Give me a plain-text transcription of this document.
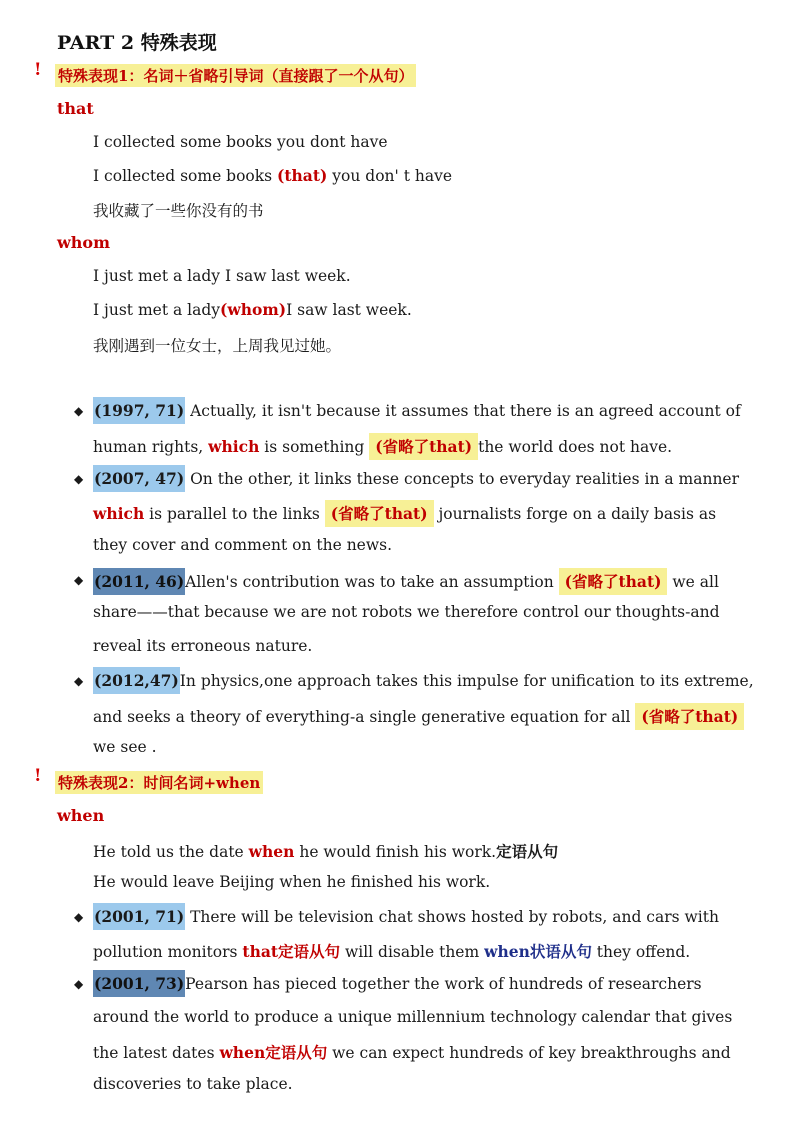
PART 2 特殊表现
! 特殊表现1：名词＋省略引导词（直接跟了一个从句）
that
I collected some books you dont have
I collected some books (that) you don' t have
我收藏了一些你没有的书
whom
I just met a lady I saw last week.
I just met a lady(whom)I saw last week.
我刚遇到一位女士，上周我见过她。
◆ (1997, 71) Actually, it isn't because it assumes that there is an agreed account of
human rights, which is something (省略了that) the world does not have.
◆ (2007, 47) On the other, it links these concepts to everyday realities in a manner
which is parallel to the links (省略了that) journalists forge on a daily basis as
they cover and comment on the news.
◆ (2011, 46)Allen's contribution was to take an assumption (省略了that) we all
share——that because we are not robots we therefore control our thoughts-and
reveal its erroneous nature.
◆ (2012,47)In physics,one approach takes this impulse for unification to its extreme,
and seeks a theory of everything-a single generative equation for all (省略了that)
we see .
! 特殊表现2：时间名词+when
when
He told us the date when he would finish his work.定语从句
He would leave Beijing when he finished his work.
◆ (2001, 71) There will be television chat shows hosted by robots, and cars with
pollution monitors that定语从句 will disable them when状语从句 they offend.
◆ (2001, 73)Pearson has pieced together the work of hundreds of researchers
around the world to produce a unique millennium technology calendar that gives
the latest dates when定语从句 we can expect hundreds of key breakthroughs and
discoveries to take place.
